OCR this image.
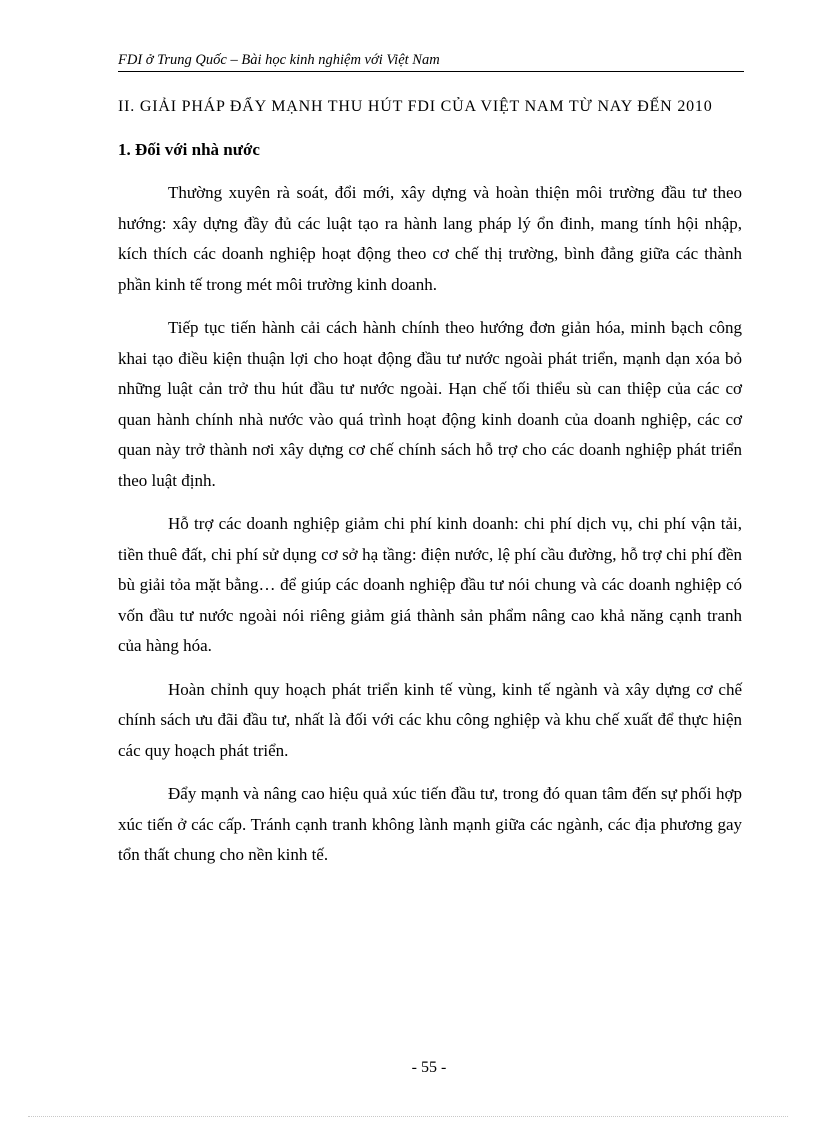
FDI ở Trung Quốc – Bài học kinh nghiệm với Việt Nam
II. GIẢI PHÁP ĐẨY MẠNH THU HÚT FDI CỦA VIỆT NAM TỪ NAY ĐẾN 2010
1. Đối với nhà nước

Thường xuyên rà soát, đổi mới, xây dựng và hoàn thiện môi trường đầu tư theo hướng: xây dựng đầy đủ các luật tạo ra hành lang pháp lý ổn đinh, mang tính hội nhập, kích thích các doanh nghiệp hoạt động theo cơ chế thị trường, bình đẳng giữa các thành phần kinh tế trong mét môi trường kinh doanh.

Tiếp tục tiến hành cải cách hành chính theo hướng đơn giản hóa, minh bạch công khai tạo điều kiện thuận lợi cho hoạt động đầu tư nước ngoài phát triển, mạnh dạn xóa bỏ những luật cản trở thu hút đầu tư nước ngoài. Hạn chế tối thiểu sù can thiệp của các cơ quan hành chính nhà nước vào quá trình hoạt động kinh doanh của doanh nghiệp, các cơ quan này trở thành nơi xây dựng cơ chế chính sách hỗ trợ cho các doanh nghiệp phát triển theo luật định.

Hỗ trợ các doanh nghiệp giảm chi phí kinh doanh: chi phí dịch vụ, chi phí vận tải, tiền thuê đất, chi phí sử dụng cơ sở hạ tầng: điện nước, lệ phí cầu đường, hỗ trợ chi phí đền bù giải tỏa mặt bằng… để giúp các doanh nghiệp đầu tư nói chung và các doanh nghiệp có vốn đầu tư nước ngoài nói riêng giảm giá thành sản phẩm nâng cao khả năng cạnh tranh của hàng hóa.

Hoàn chỉnh quy hoạch phát triển kinh tế vùng, kinh tế ngành và xây dựng cơ chế chính sách ưu đãi đầu tư, nhất là đối với các khu công nghiệp và khu chế xuất để thực hiện các quy hoạch phát triển.

Đẩy mạnh và nâng cao hiệu quả xúc tiến đầu tư, trong đó quan tâm đến sự phối hợp xúc tiến ở các cấp. Tránh cạnh tranh không lành mạnh giữa các ngành, các địa phương gay tổn thất chung cho nền kinh tế.

- 55 -
